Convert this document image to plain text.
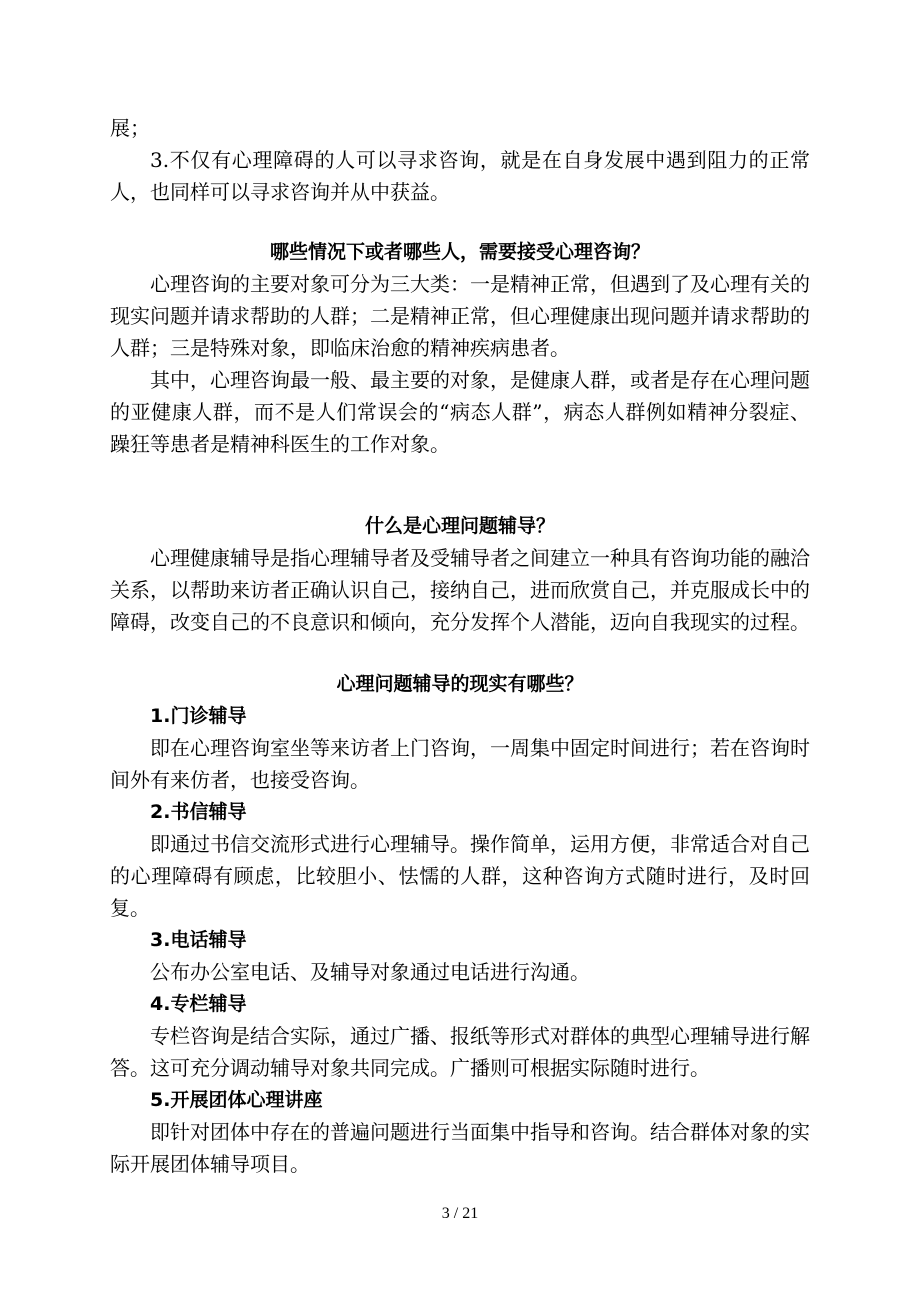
展；

3.不仅有心理障碍的人可以寻求咨询，就是在自身发展中遇到阻力的正常人，也同样可以寻求咨询并从中获益。

哪些情况下或者哪些人，需要接受心理咨询？

心理咨询的主要对象可分为三大类：一是精神正常，但遇到了及心理有关的现实问题并请求帮助的人群；二是精神正常，但心理健康出现问题并请求帮助的人群；三是特殊对象，即临床治愈的精神疾病患者。

其中，心理咨询最一般、最主要的对象，是健康人群，或者是存在心理问题的亚健康人群，而不是人们常误会的“病态人群”，病态人群例如精神分裂症、躁狂等患者是精神科医生的工作对象。

什么是心理问题辅导？

心理健康辅导是指心理辅导者及受辅导者之间建立一种具有咨询功能的融洽关系，以帮助来访者正确认识自己，接纳自己，进而欣赏自己，并克服成长中的障碍，改变自己的不良意识和倾向，充分发挥个人潜能，迈向自我现实的过程。

心理问题辅导的现实有哪些？
1.门诊辅导

即在心理咨询室坐等来访者上门咨询，一周集中固定时间进行；若在咨询时间外有来仿者，也接受咨询。

2.书信辅导

即通过书信交流形式进行心理辅导。操作简单，运用方便，非常适合对自己的心理障碍有顾虑，比较胆小、怯懦的人群，这种咨询方式随时进行，及时回复。

3.电话辅导

公布办公室电话、及辅导对象通过电话进行沟通。

4.专栏辅导

专栏咨询是结合实际，通过广播、报纸等形式对群体的典型心理辅导进行解答。这可充分调动辅导对象共同完成。广播则可根据实际随时进行。

5.开展团体心理讲座

即针对团体中存在的普遍问题进行当面集中指导和咨询。结合群体对象的实际开展团体辅导项目。

3 / 21
